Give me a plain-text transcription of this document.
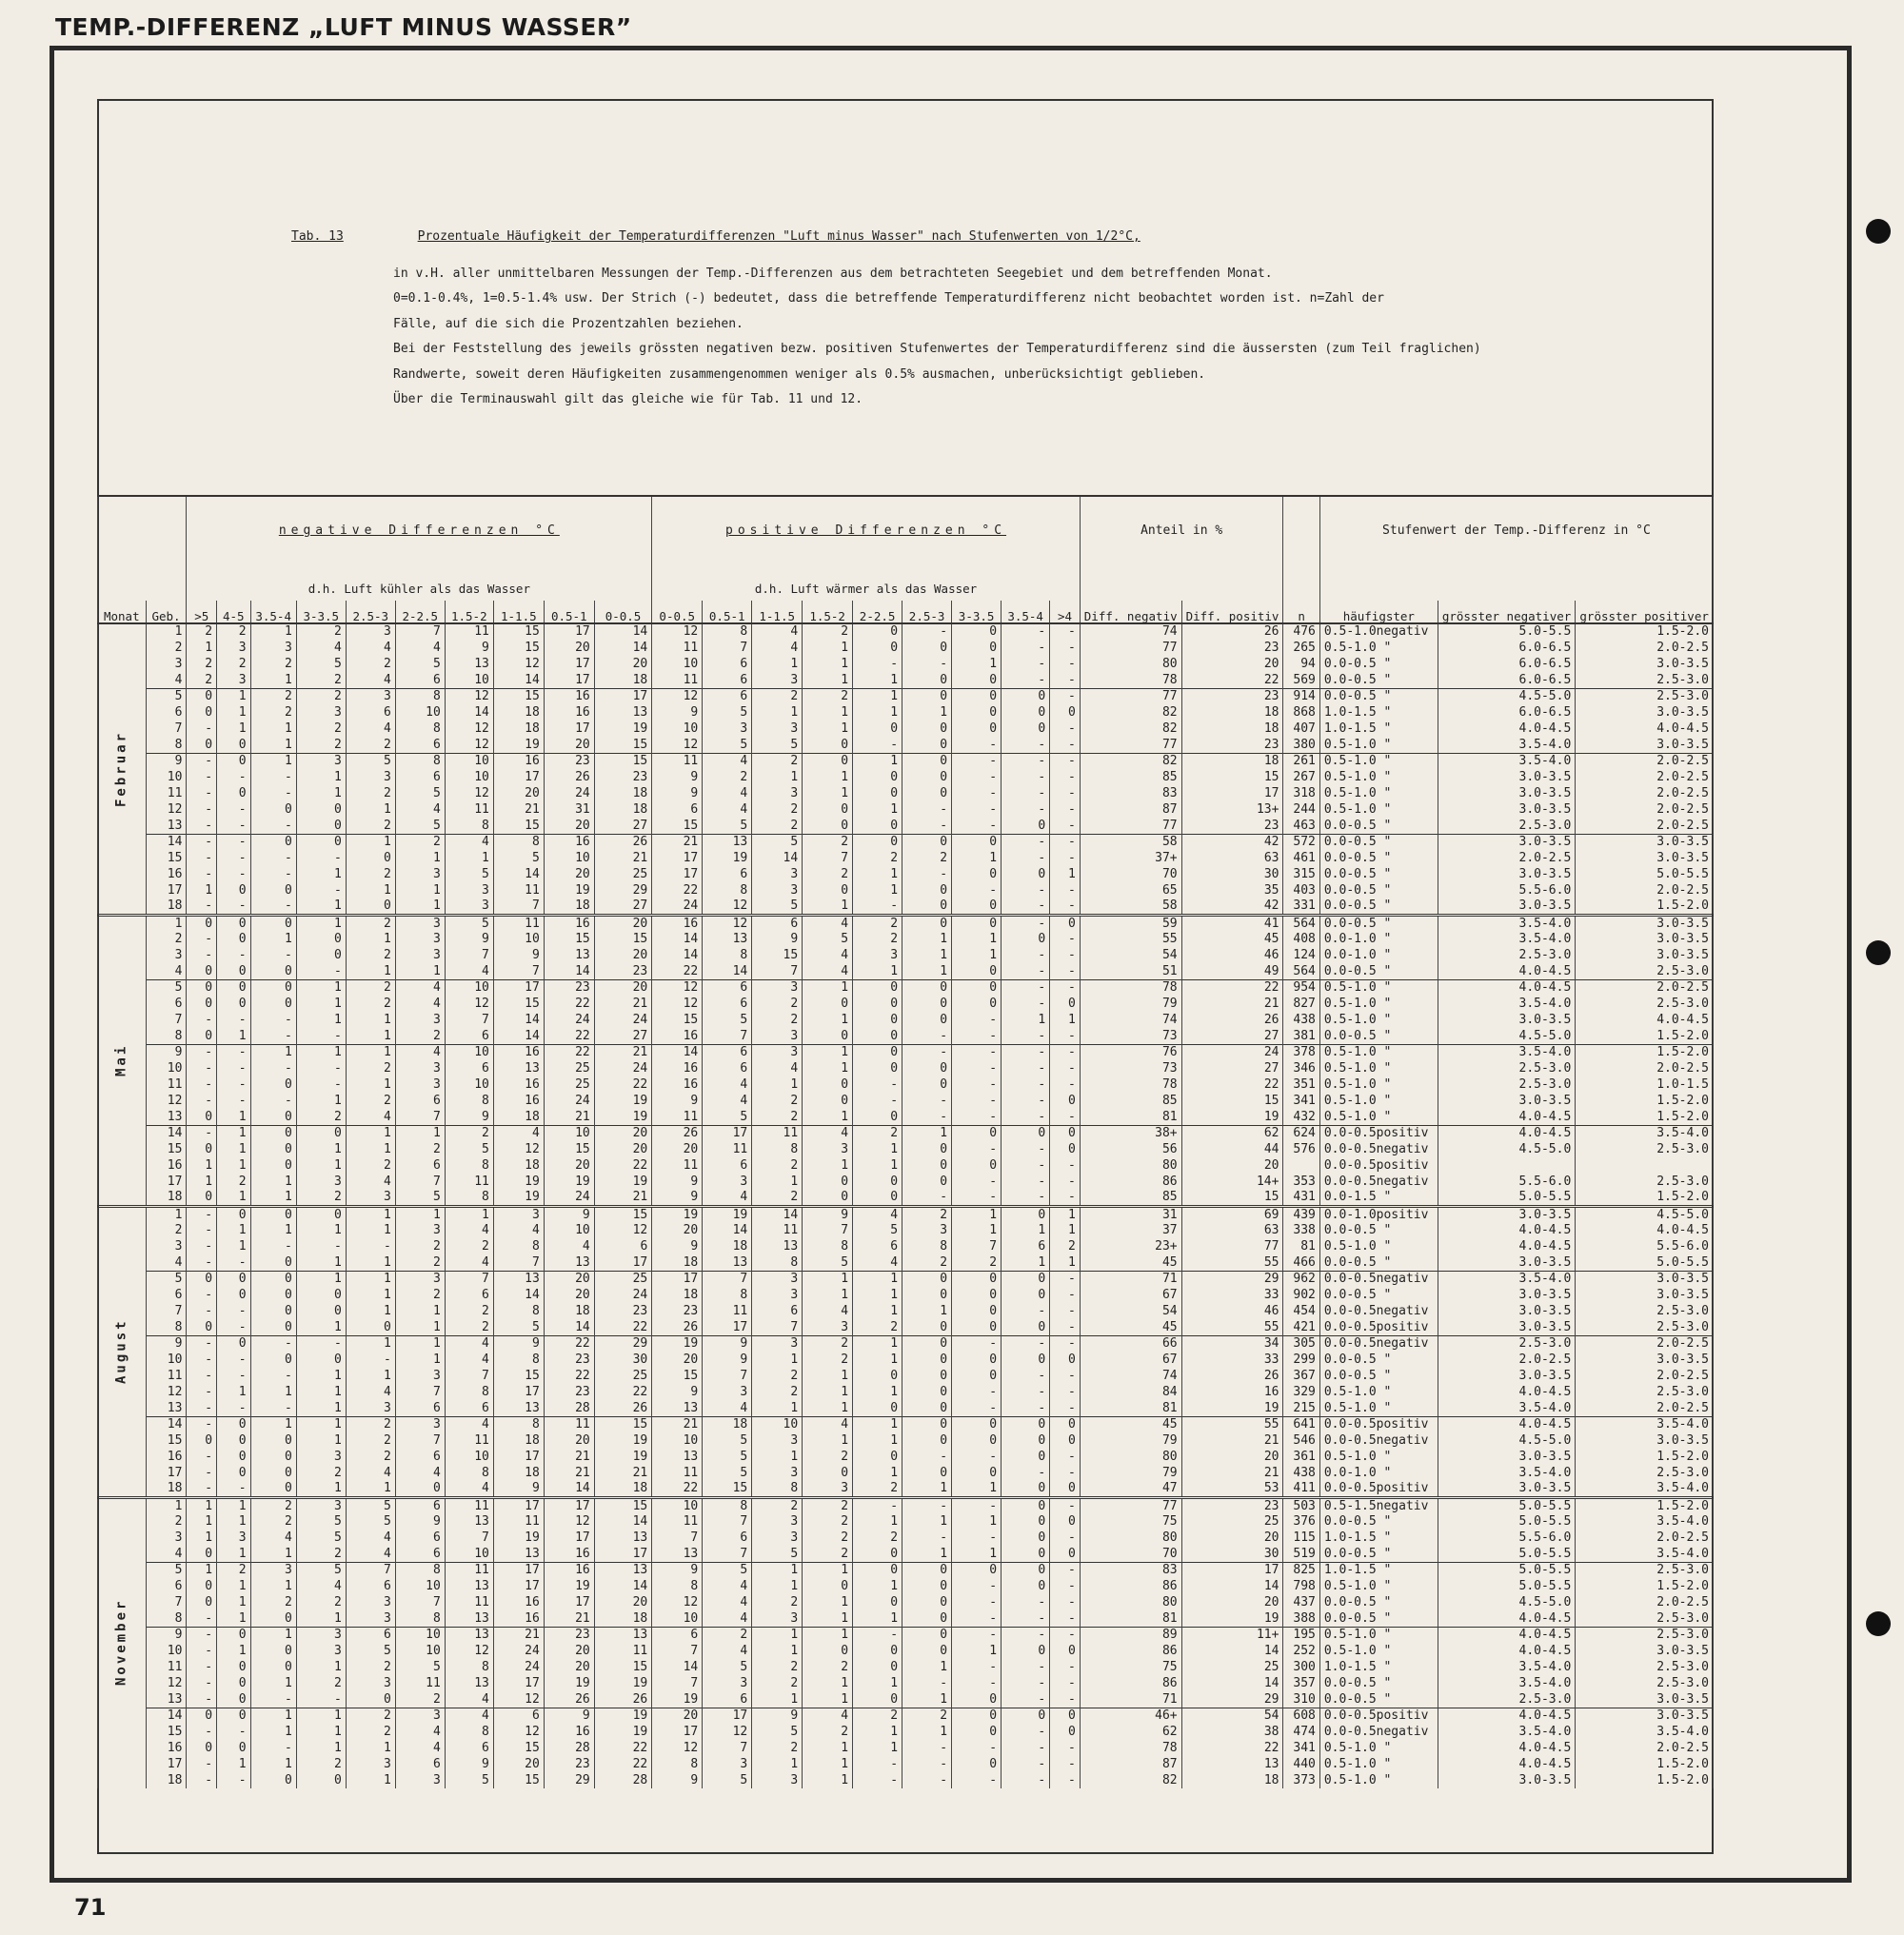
TEMP.-DIFFERENZ „LUFT MINUS WASSER”
Tab. 13	Prozentuale Häufigkeit der Temperaturdifferenzen "Luft minus Wasser" nach Stufenwerten von 1/2°C,
in v.H. aller unmittelbaren Messungen der Temp.-Differenzen aus dem betrachteten Seegebiet und dem betreffenden Monat.
0=0.1-0.4%, 1=0.5-1.4% usw. Der Strich (-) bedeutet, dass die betreffende Temperaturdifferenz nicht beobachtet worden ist. n=Zahl der
Fälle, auf die sich die Prozentzahlen beziehen.
Bei der Feststellung des jeweils grössten negativen bezw. positiven Stufenwertes der Temperaturdifferenz sind die äussersten (zum Teil fraglichen)
Randwerte, soweit deren Häufigkeiten zusammengenommen weniger als 0.5% ausmachen, unberücksichtigt geblieben.
Über die Terminauswahl gilt das gleiche wie für Tab. 11 und 12.
		negative Differenzen °C										positive Differenzen °C									Anteil in %			Stufenwert der Temp.-Differenz in °C		
		d.h. Luft kühler als das Wasser										d.h. Luft wärmer als das Wasser														
Monat	Geb.	>5	4-5	3.5-4	3-3.5	2.5-3	2-2.5	1.5-2	1-1.5	0.5-1	0-0.5	0-0.5	0.5-1	1-1.5	1.5-2	2-2.5	2.5-3	3-3.5	3.5-4	>4	Diff. negativ	Diff. positiv	n	häufigster	grösster negativer	grösster positiver
Februar	1	2	2	1	2	3	7	11	15	17	14	12	8	4	2	0	-	0	-	-	74	26	476	0.5-1.0negativ	5.0-5.5	1.5-2.0
	2	1	3	3	4	4	4	9	15	20	14	11	7	4	1	0	0	0	-	-	77	23	265	0.5-1.0 "	6.0-6.5	2.0-2.5
	3	2	2	2	5	2	5	13	12	17	20	10	6	1	1	-	-	1	-	-	80	20	94	0.0-0.5 "	6.0-6.5	3.0-3.5
	4	2	3	1	2	4	6	10	14	17	18	11	6	3	1	1	0	0	-	-	78	22	569	0.0-0.5 "	6.0-6.5	2.5-3.0
	5	0	1	2	2	3	8	12	15	16	17	12	6	2	2	1	0	0	0	-	77	23	914	0.0-0.5 "	4.5-5.0	2.5-3.0
	6	0	1	2	3	6	10	14	18	16	13	9	5	1	1	1	1	0	0	0	82	18	868	1.0-1.5 "	6.0-6.5	3.0-3.5
	7	-	1	1	2	4	8	12	18	17	19	10	3	3	1	0	0	0	0	-	82	18	407	1.0-1.5 "	4.0-4.5	4.0-4.5
	8	0	0	1	2	2	6	12	19	20	15	12	5	5	0	-	0	-	-	-	77	23	380	0.5-1.0 "	3.5-4.0	3.0-3.5
	9	-	0	1	3	5	8	10	16	23	15	11	4	2	0	1	0	-	-	-	82	18	261	0.5-1.0 "	3.5-4.0	2.0-2.5
	10	-	-	-	1	3	6	10	17	26	23	9	2	1	1	0	0	-	-	-	85	15	267	0.5-1.0 "	3.0-3.5	2.0-2.5
	11	-	0	-	1	2	5	12	20	24	18	9	4	3	1	0	0	-	-	-	83	17	318	0.5-1.0 "	3.0-3.5	2.0-2.5
	12	-	-	0	0	1	4	11	21	31	18	6	4	2	0	1	-	-	-	-	87	13+	244	0.5-1.0 "	3.0-3.5	2.0-2.5
	13	-	-	-	0	2	5	8	15	20	27	15	5	2	0	0	-	-	0	-	77	23	463	0.0-0.5 "	2.5-3.0	2.0-2.5
	14	-	-	0	0	1	2	4	8	16	26	21	13	5	2	0	0	0	-	-	58	42	572	0.0-0.5 "	3.0-3.5	3.0-3.5
	15	-	-	-	-	0	1	1	5	10	21	17	19	14	7	2	2	1	-	-	37+	63	461	0.0-0.5 "	2.0-2.5	3.0-3.5
	16	-	-	-	1	2	3	5	14	20	25	17	6	3	2	1	-	0	0	1	70	30	315	0.0-0.5 "	3.0-3.5	5.0-5.5
	17	1	0	0	-	1	1	3	11	19	29	22	8	3	0	1	0	-	-	-	65	35	403	0.0-0.5 "	5.5-6.0	2.0-2.5
	18	-	-	-	1	0	1	3	7	18	27	24	12	5	1	-	0	0	-	-	58	42	331	0.0-0.5 "	3.0-3.5	1.5-2.0
Mai	1	0	0	0	1	2	3	5	11	16	20	16	12	6	4	2	0	0	-	0	59	41	564	0.0-0.5 "	3.5-4.0	3.0-3.5
	2	-	0	1	0	1	3	9	10	15	15	14	13	9	5	2	1	1	0	-	55	45	408	0.0-1.0 "	3.5-4.0	3.0-3.5
	3	-	-	-	0	2	3	7	9	13	20	14	8	15	4	3	1	1	-	-	54	46	124	0.0-1.0 "	2.5-3.0	3.0-3.5
	4	0	0	0	-	1	1	4	7	14	23	22	14	7	4	1	1	0	-	-	51	49	564	0.0-0.5 "	4.0-4.5	2.5-3.0
	5	0	0	0	1	2	4	10	17	23	20	12	6	3	1	0	0	0	-	-	78	22	954	0.5-1.0 "	4.0-4.5	2.0-2.5
	6	0	0	0	1	2	4	12	15	22	21	12	6	2	0	0	0	0	-	0	79	21	827	0.5-1.0 "	3.5-4.0	2.5-3.0
	7	-	-	-	1	1	3	7	14	24	24	15	5	2	1	0	0	-	1	1	74	26	438	0.5-1.0 "	3.0-3.5	4.0-4.5
	8	0	1	-	-	1	2	6	14	22	27	16	7	3	0	0	-	-	-	-	73	27	381	0.0-0.5 "	4.5-5.0	1.5-2.0
	9	-	-	1	1	1	4	10	16	22	21	14	6	3	1	0	-	-	-	-	76	24	378	0.5-1.0 "	3.5-4.0	1.5-2.0
	10	-	-	-	-	2	3	6	13	25	24	16	6	4	1	0	0	-	-	-	73	27	346	0.5-1.0 "	2.5-3.0	2.0-2.5
	11	-	-	0	-	1	3	10	16	25	22	16	4	1	0	-	0	-	-	-	78	22	351	0.5-1.0 "	2.5-3.0	1.0-1.5
	12	-	-	-	1	2	6	8	16	24	19	9	4	2	0	-	-	-	-	0	85	15	341	0.5-1.0 "	3.0-3.5	1.5-2.0
	13	0	1	0	2	4	7	9	18	21	19	11	5	2	1	0	-	-	-	-	81	19	432	0.5-1.0 "	4.0-4.5	1.5-2.0
	14	-	1	0	0	1	1	2	4	10	20	26	17	11	4	2	1	0	0	0	38+	62	624	0.0-0.5positiv	4.0-4.5	3.5-4.0
	15	0	1	0	1	1	2	5	12	15	20	20	11	8	3	1	0	-	-	0	56	44	576	0.0-0.5negativ	4.5-5.0	2.5-3.0
	16	1	1	0	1	2	6	8	18	20	22	11	6	2	1	1	0	0	-	-	80	20		0.0-0.5positiv		
	17	1	2	1	3	4	7	11	19	19	19	9	3	1	0	0	0	-	-	-	86	14+	353	0.0-0.5negativ	5.5-6.0	2.5-3.0
	18	0	1	1	2	3	5	8	19	24	21	9	4	2	0	0	-	-	-	-	85	15	431	0.0-1.5 "	5.0-5.5	1.5-2.0
August	1	-	0	0	0	1	1	1	3	9	15	19	19	14	9	4	2	1	0	1	31	69	439	0.0-1.0positiv	3.0-3.5	4.5-5.0
	2	-	1	1	1	1	3	4	4	10	12	20	14	11	7	5	3	1	1	1	37	63	338	0.0-0.5 "	4.0-4.5	4.0-4.5
	3	-	1	-	-	-	2	2	8	4	6	9	18	13	8	6	8	7	6	2	23+	77	81	0.5-1.0 "	4.0-4.5	5.5-6.0
	4	-	-	0	1	1	2	4	7	13	17	18	13	8	5	4	2	2	1	1	45	55	466	0.0-0.5 "	3.0-3.5	5.0-5.5
	5	0	0	0	1	1	3	7	13	20	25	17	7	3	1	1	0	0	0	-	71	29	962	0.0-0.5negativ	3.5-4.0	3.0-3.5
	6	-	0	0	0	1	2	6	14	20	24	18	8	3	1	1	0	0	0	-	67	33	902	0.0-0.5 "	3.0-3.5	3.0-3.5
	7	-	-	0	0	1	1	2	8	18	23	23	11	6	4	1	1	0	-	-	54	46	454	0.0-0.5negativ	3.0-3.5	2.5-3.0
	8	0	-	0	1	0	1	2	5	14	22	26	17	7	3	2	0	0	0	-	45	55	421	0.0-0.5positiv	3.0-3.5	2.5-3.0
	9	-	0	-	-	1	1	4	9	22	29	19	9	3	2	1	0	-	-	-	66	34	305	0.0-0.5negativ	2.5-3.0	2.0-2.5
	10	-	-	0	0	-	1	4	8	23	30	20	9	1	2	1	0	0	0	0	67	33	299	0.0-0.5 "	2.0-2.5	3.0-3.5
	11	-	-	-	1	1	3	7	15	22	25	15	7	2	1	0	0	0	-	-	74	26	367	0.0-0.5 "	3.0-3.5	2.0-2.5
	12	-	1	1	1	4	7	8	17	23	22	9	3	2	1	1	0	-	-	-	84	16	329	0.5-1.0 "	4.0-4.5	2.5-3.0
	13	-	-	-	1	3	6	6	13	28	26	13	4	1	1	0	0	-	-	-	81	19	215	0.5-1.0 "	3.5-4.0	2.0-2.5
	14	-	0	1	1	2	3	4	8	11	15	21	18	10	4	1	0	0	0	0	45	55	641	0.0-0.5positiv	4.0-4.5	3.5-4.0
	15	0	0	0	1	2	7	11	18	20	19	10	5	3	1	1	0	0	0	0	79	21	546	0.0-0.5negativ	4.5-5.0	3.0-3.5
	16	-	0	0	3	2	6	10	17	21	19	13	5	1	2	0	-	-	0	-	80	20	361	0.5-1.0 "	3.0-3.5	1.5-2.0
	17	-	0	0	2	4	4	8	18	21	21	11	5	3	0	1	0	0	-	-	79	21	438	0.0-1.0 "	3.5-4.0	2.5-3.0
	18	-	-	0	1	1	0	4	9	14	18	22	15	8	3	2	1	1	0	0	47	53	411	0.0-0.5positiv	3.0-3.5	3.5-4.0
November	1	1	1	2	3	5	6	11	17	17	15	10	8	2	2	-	-	-	0	-	77	23	503	0.5-1.5negativ	5.0-5.5	1.5-2.0
	2	1	1	2	5	5	9	13	11	12	14	11	7	3	2	1	1	1	0	0	75	25	376	0.0-0.5 "	5.0-5.5	3.5-4.0
	3	1	3	4	5	4	6	7	19	17	13	7	6	3	2	2	-	-	0	-	80	20	115	1.0-1.5 "	5.5-6.0	2.0-2.5
	4	0	1	1	2	4	6	10	13	16	17	13	7	5	2	0	1	1	0	0	70	30	519	0.0-0.5 "	5.0-5.5	3.5-4.0
	5	1	2	3	5	7	8	11	17	16	13	9	5	1	1	0	0	0	0	-	83	17	825	1.0-1.5 "	5.0-5.5	2.5-3.0
	6	0	1	1	4	6	10	13	17	19	14	8	4	1	0	1	0	-	0	-	86	14	798	0.5-1.0 "	5.0-5.5	1.5-2.0
	7	0	1	2	2	3	7	11	16	17	20	12	4	2	1	0	0	-	-	-	80	20	437	0.0-0.5 "	4.5-5.0	2.0-2.5
	8	-	1	0	1	3	8	13	16	21	18	10	4	3	1	1	0	-	-	-	81	19	388	0.0-0.5 "	4.0-4.5	2.5-3.0
	9	-	0	1	3	6	10	13	21	23	13	6	2	1	1	-	0	-	-	-	89	11+	195	0.5-1.0 "	4.0-4.5	2.5-3.0
	10	-	1	0	3	5	10	12	24	20	11	7	4	1	0	0	0	1	0	0	86	14	252	0.5-1.0 "	4.0-4.5	3.0-3.5
	11	-	0	0	1	2	5	8	24	20	15	14	5	2	2	0	1	-	-	-	75	25	300	1.0-1.5 "	3.5-4.0	2.5-3.0
	12	-	0	1	2	3	11	13	17	19	19	7	3	2	1	1	-	-	-	-	86	14	357	0.0-0.5 "	3.5-4.0	2.5-3.0
	13	-	0	-	-	0	2	4	12	26	26	19	6	1	1	0	1	0	-	-	71	29	310	0.0-0.5 "	2.5-3.0	3.0-3.5
	14	0	0	1	1	2	3	4	6	9	19	20	17	9	4	2	2	0	0	0	46+	54	608	0.0-0.5positiv	4.0-4.5	3.0-3.5
	15	-	-	1	1	2	4	8	12	16	19	17	12	5	2	1	1	0	-	0	62	38	474	0.0-0.5negativ	3.5-4.0	3.5-4.0
	16	0	0	-	1	1	4	6	15	28	22	12	7	2	1	1	-	-	-	-	78	22	341	0.5-1.0 "	4.0-4.5	2.0-2.5
	17	-	1	1	2	3	6	9	20	23	22	8	3	1	1	-	-	0	-	-	87	13	440	0.5-1.0 "	4.0-4.5	1.5-2.0
	18	-	-	0	0	1	3	5	15	29	28	9	5	3	1	-	-	-	-	-	82	18	373	0.5-1.0 "	3.0-3.5	1.5-2.0
71
